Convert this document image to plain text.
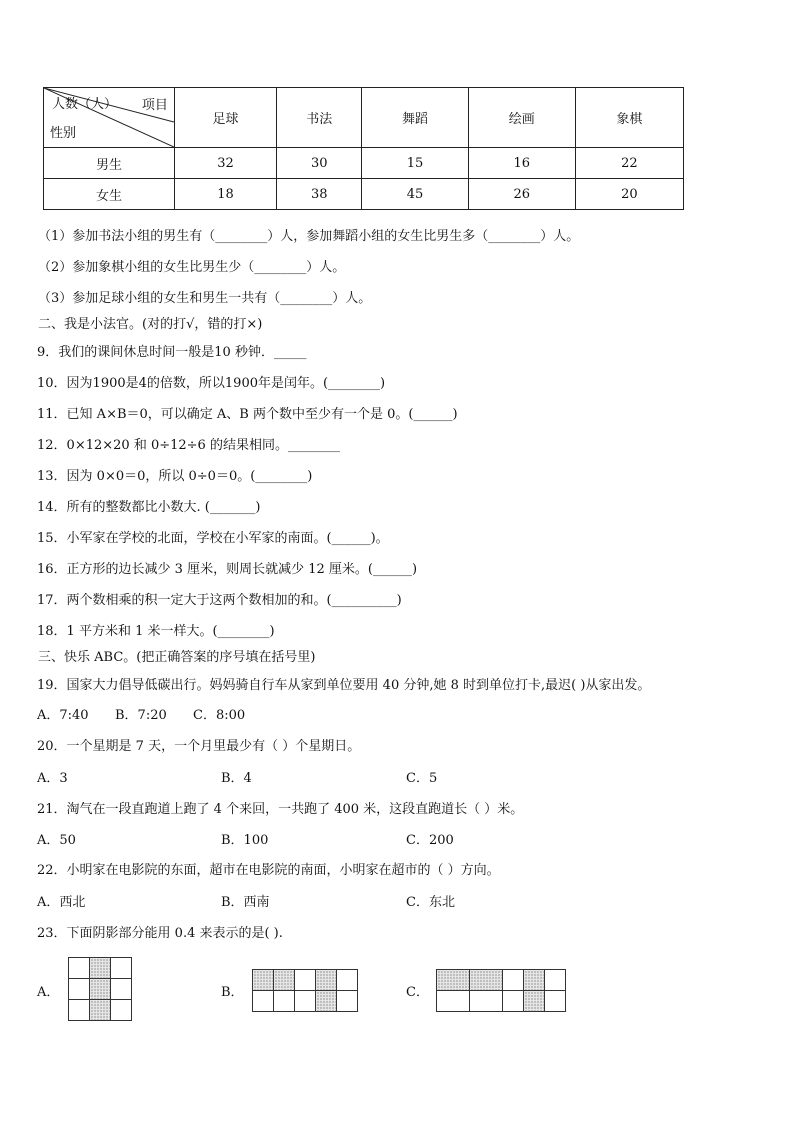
人数（人） 项目
性别	足球	书法	舞蹈	绘画	象棋
男生	32	30	15	16	22
女生	18	38	45	26	20
（1）参加书法小组的男生有（________）人，参加舞蹈小组的女生比男生多（________）人。
（2）参加象棋小组的女生比男生少（________）人。
（3）参加足球小组的女生和男生一共有（________）人。
二、我是小法官。(对的打√，错的打×)
9．我们的课间休息时间一般是10 秒钟．_____
10．因为1900是4的倍数，所以1900年是闰年。(________)
11．已知 A×B＝0，可以确定 A、B 两个数中至少有一个是 0。(______)
12．0×12×20 和 0÷12÷6 的结果相同。________
13．因为 0×0＝0，所以 0÷0＝0。(________)
14．所有的整数都比小数大. (_______)
15．小军家在学校的北面，学校在小军家的南面。(______)。
16．正方形的边长减少 3 厘米，则周长就减少 12 厘米。(______)
17．两个数相乘的积一定大于这两个数相加的和。(__________)
18．1 平方米和 1 米一样大。(________)
三、快乐 ABC。(把正确答案的序号填在括号里)
19．国家大力倡导低碳出行。妈妈骑自行车从家到单位要用 40 分钟,她 8 时到单位打卡,最迟( )从家出发。
A．7:40 B．7:20 C．8:00
20．一个星期是 7 天，一个月里最少有（ ）个星期日。
A．3	B．4	C．5
21．淘气在一段直跑道上跑了 4 个来回，一共跑了 400 米，这段直跑道长（ ）米。
A．50	B．100	C．200
22．小明家在电影院的东面，超市在电影院的南面，小明家在超市的（ ）方向。
A．西北	B．西南	C．东北
23．下面阴影部分能用 0.4 来表示的是( ).
A．

			B．

					C．
